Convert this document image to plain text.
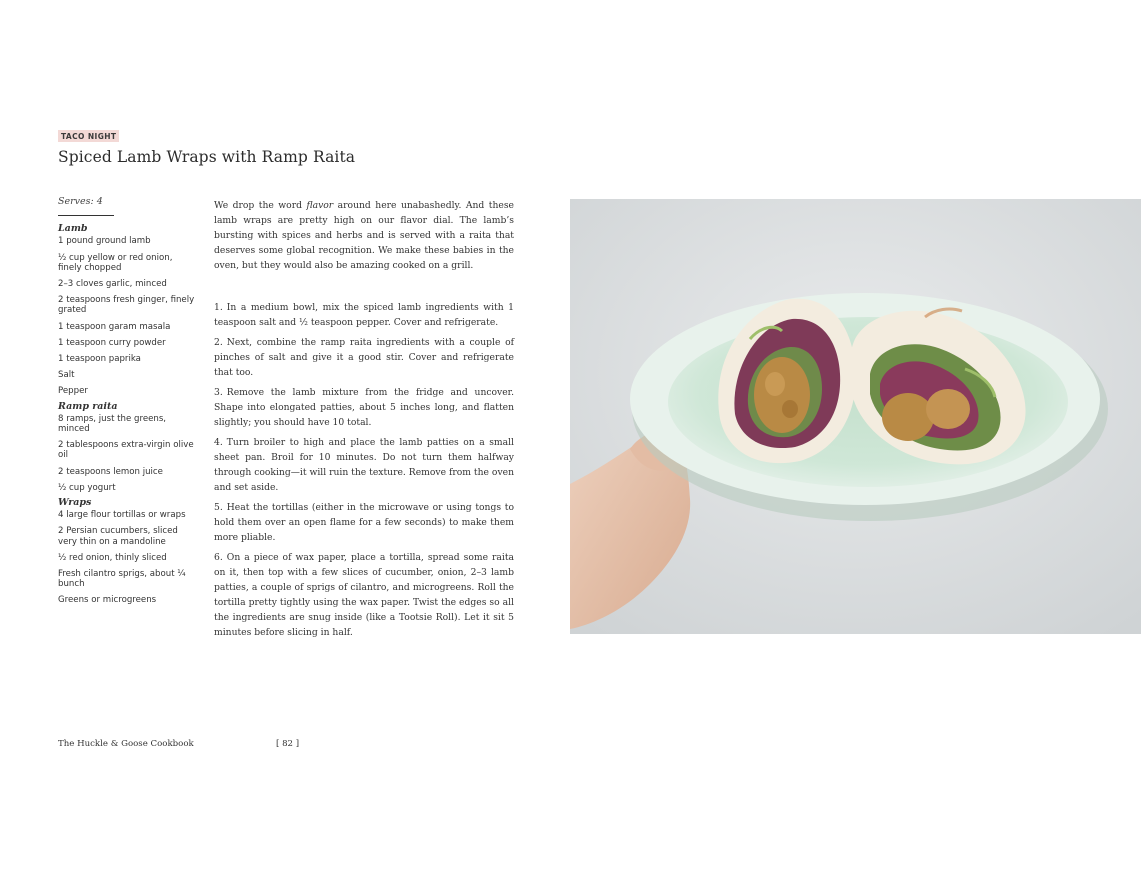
TACO NIGHT
Spiced Lamb Wraps with Ramp Raita
Serves: 4
Lamb
1 pound ground lamb
½ cup yellow or red onion, finely chopped
2–3 cloves garlic, minced
2 teaspoons fresh ginger, finely grated
1 teaspoon garam masala
1 teaspoon curry powder
1 teaspoon paprika
Salt
Pepper
Ramp raita
8 ramps, just the greens, minced
2 tablespoons extra-virgin olive oil
2 teaspoons lemon juice
½ cup yogurt
Wraps
4 large flour tortillas or wraps
2 Persian cucumbers, sliced very thin on a mandoline
½ red onion, thinly sliced
Fresh cilantro sprigs, about ¼ bunch
Greens or microgreens

We drop the word flavor around here unabashedly. And these lamb wraps are pretty high on our flavor dial. The lamb’s bursting with spices and herbs and is served with a raita that deserves some global recognition. We make these babies in the oven, but they would also be amazing cooked on a grill.

1. In a medium bowl, mix the spiced lamb ingredients with 1 teaspoon salt and ½ teaspoon pepper. Cover and refrigerate.
2. Next, combine the ramp raita ingredients with a couple of pinches of salt and give it a good stir. Cover and refrigerate that too.
3. Remove the lamb mixture from the fridge and uncover. Shape into elongated patties, about 5 inches long, and flatten slightly; you should have 10 total.
4. Turn broiler to high and place the lamb patties on a small sheet pan. Broil for 10 minutes. Do not turn them halfway through cooking—it will ruin the texture. Remove from the oven and set aside.
5. Heat the tortillas (either in the microwave or using tongs to hold them over an open flame for a few seconds) to make them more pliable.
6. On a piece of wax paper, place a tortilla, spread some raita on it, then top with a few slices of cucumber, onion, 2–3 lamb patties, a couple of sprigs of cilantro, and microgreens. Roll the tortilla pretty tightly using the wax paper. Twist the edges so all the ingredients are snug inside (like a Tootsie Roll). Let it sit 5 minutes before slicing in half.
The Huckle & Goose Cookbook	[ 82 ]
